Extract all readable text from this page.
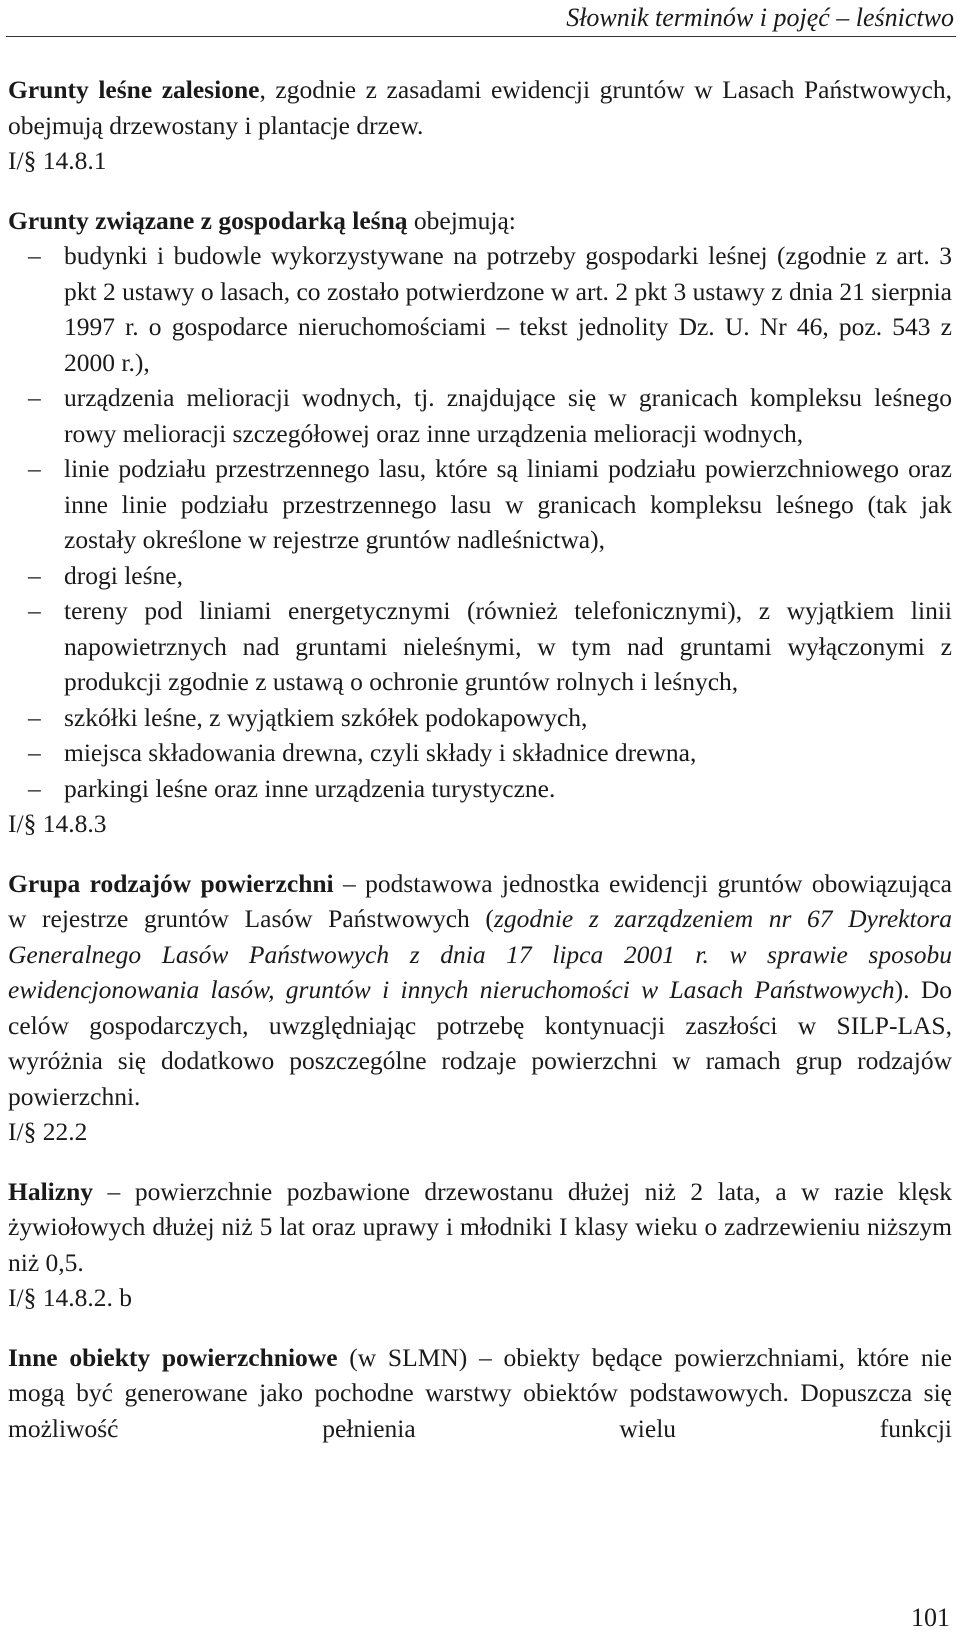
Słownik terminów i pojęć – leśnictwo

Grunty leśne zalesione, zgodnie z zasadami ewidencji gruntów w Lasach Państwowych, obejmują drzewostany i plantacje drzew.

I/§ 14.8.1

Grunty związane z gospodarką leśną obejmują:

– budynki i budowle wykorzystywane na potrzeby gospodarki leśnej (zgodnie z art. 3 pkt 2 ustawy o lasach, co zostało potwierdzone w art. 2 pkt 3 ustawy z dnia 21 sierpnia 1997 r. o gospodarce nieruchomościami – tekst jednolity Dz. U. Nr 46, poz. 543 z 2000 r.),
– urządzenia melioracji wodnych, tj. znajdujące się w granicach kompleksu leśnego rowy melioracji szczegółowej oraz inne urządzenia melioracji wodnych,
– linie podziału przestrzennego lasu, które są liniami podziału powierzchniowego oraz inne linie podziału przestrzennego lasu w granicach kompleksu leśnego (tak jak zostały określone w rejestrze gruntów nadleśnictwa),
– drogi leśne,
– tereny pod liniami energetycznymi (również telefonicznymi), z wyjątkiem linii napowietrznych nad gruntami nieleśnymi, w tym nad gruntami wyłączonymi z produkcji zgodnie z ustawą o ochronie gruntów rolnych i leśnych,
– szkółki leśne, z wyjątkiem szkółek podokapowych,
– miejsca składowania drewna, czyli składy i składnice drewna,
– parkingi leśne oraz inne urządzenia turystyczne.

I/§ 14.8.3

Grupa rodzajów powierzchni – podstawowa jednostka ewidencji gruntów obowiązująca w rejestrze gruntów Lasów Państwowych (zgodnie z zarządzeniem nr 67 Dyrektora Generalnego Lasów Państwowych z dnia 17 lipca 2001 r. w sprawie sposobu ewidencjonowania lasów, gruntów i innych nieruchomości w Lasach Państwowych). Do celów gospodarczych, uwzględniając potrzebę kontynuacji zaszłości w SILP-LAS, wyróżnia się dodatkowo poszczególne rodzaje powierzchni w ramach grup rodzajów powierzchni.

I/§ 22.2

Halizny – powierzchnie pozbawione drzewostanu dłużej niż 2 lata, a w razie klęsk żywiołowych dłużej niż 5 lat oraz uprawy i młodniki I klasy wieku o zadrzewieniu niższym niż 0,5.

I/§ 14.8.2. b

Inne obiekty powierzchniowe (w SLMN) – obiekty będące powierzchniami, które nie mogą być generowane jako pochodne warstwy obiektów podstawowych. Dopuszcza się możliwość pełnienia wielu funkcji

101
